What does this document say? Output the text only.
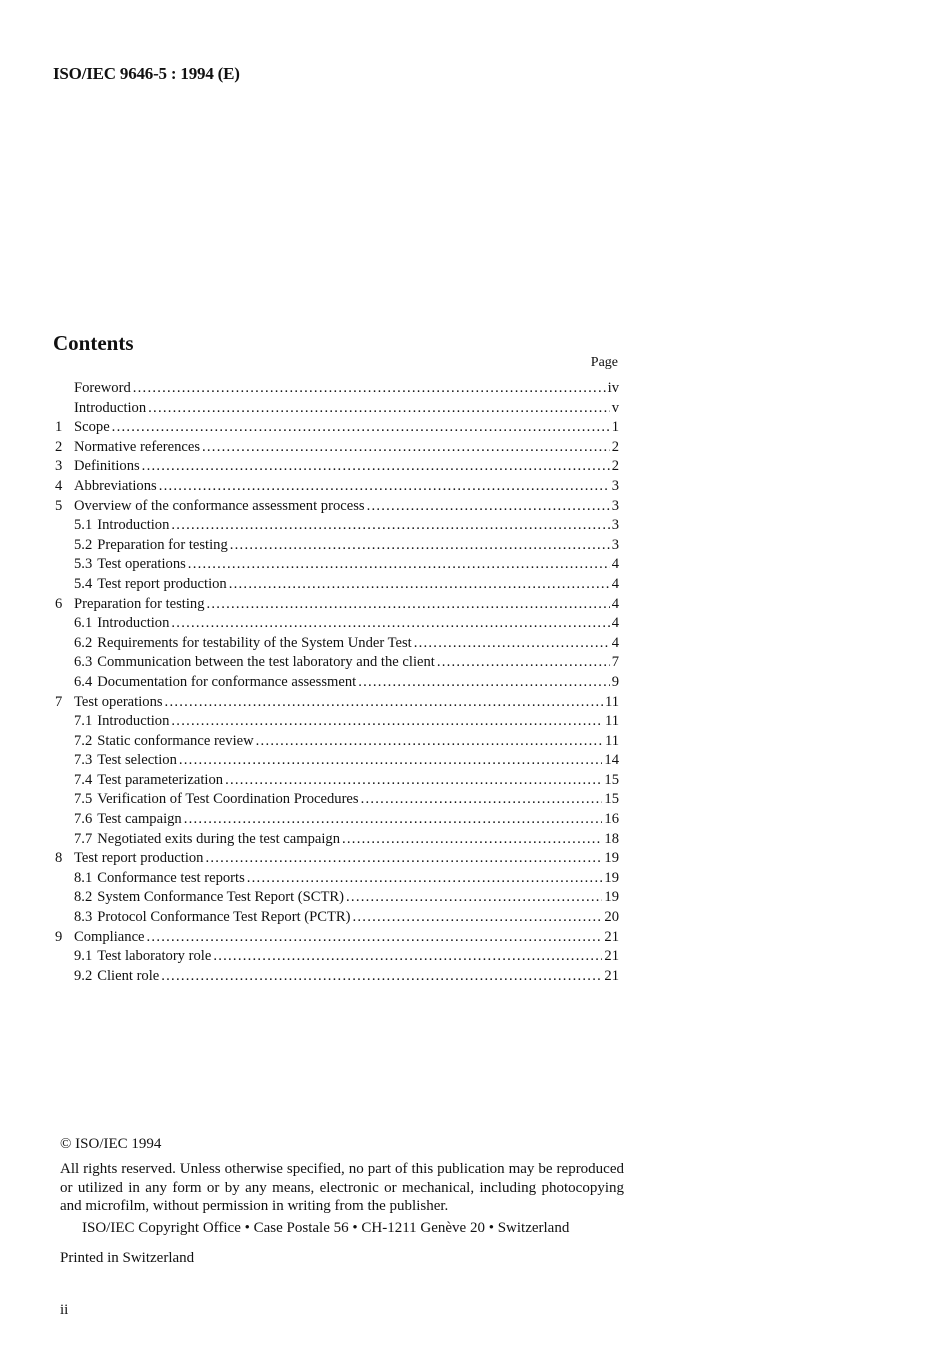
ISO/IEC 9646-5 : 1994 (E)
Contents
Page
Foreword . . .	iv
Introduction . . .	v
1 Scope . . .	1
2 Normative references . . .	2
3 Definitions . . .	2
4 Abbreviations . . .	3
5 Overview of the conformance assessment process . . .	3
5.1 Introduction . . .	3
5.2 Preparation for testing . . .	3
5.3 Test operations . . .	4
5.4 Test report production . . .	4
6 Preparation for testing . . .	4
6.1 Introduction . . .	4
6.2 Requirements for testability of the System Under Test . . .	4
6.3 Communication between the test laboratory and the client . . .	7
6.4 Documentation for conformance assessment . . .	9
7 Test operations . . .	11
7.1 Introduction . . .	11
7.2 Static conformance review . . .	11
7.3 Test selection . . .	14
7.4 Test parameterization . . .	15
7.5 Verification of Test Coordination Procedures . . .	15
7.6 Test campaign . . .	16
7.7 Negotiated exits during the test campaign . . .	18
8 Test report production . . .	19
8.1 Conformance test reports . . .	19
8.2 System Conformance Test Report (SCTR) . . .	19
8.3 Protocol Conformance Test Report (PCTR) . . .	20
9 Compliance . . .	21
9.1 Test laboratory role . . .	21
9.2 Client role . . .	21
© ISO/IEC 1994
All rights reserved. Unless otherwise specified, no part of this publication may be reproduced or utilized in any form or by any means, electronic or mechanical, including photocopying and microfilm, without permission in writing from the publisher.
ISO/IEC Copyright Office • Case Postale 56 • CH-1211 Genève 20 • Switzerland
Printed in Switzerland
ii
